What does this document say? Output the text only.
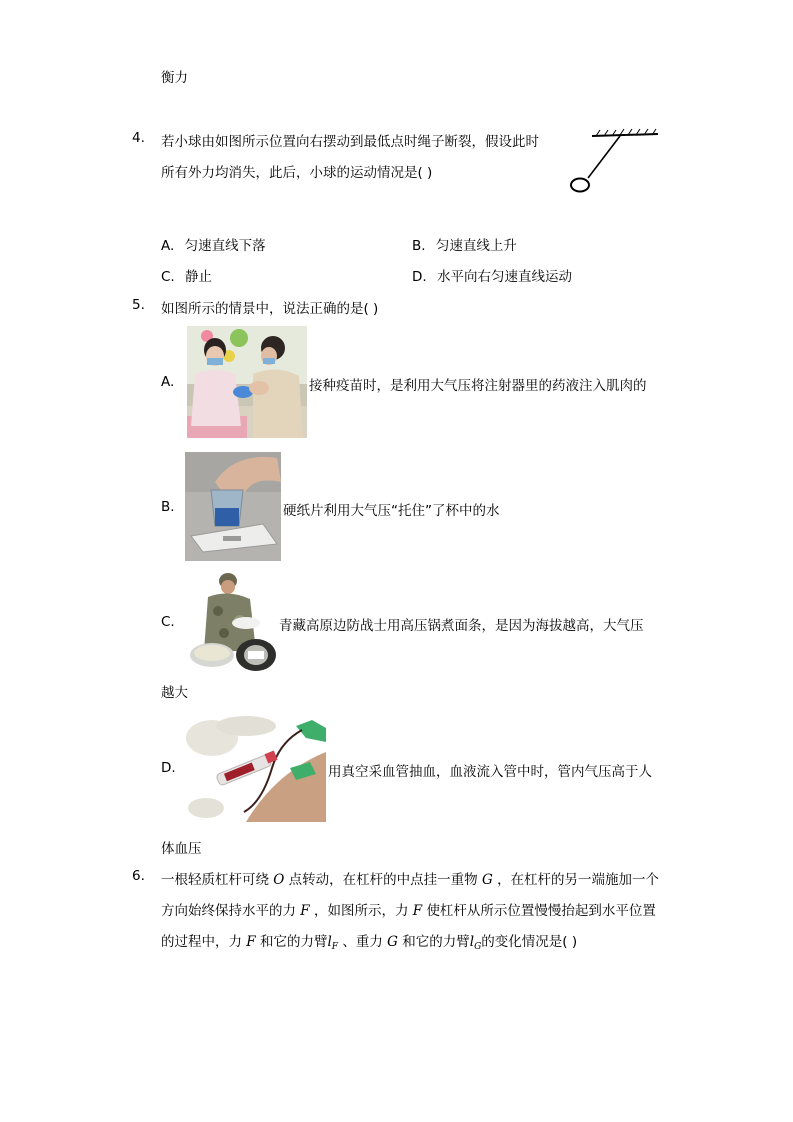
衡力
4. 若小球由如图所示位置向右摆动到最低点时绳子断裂，假设此时
所有外力均消失，此后，小球的运动情况是( )
A. 匀速直线下落	B. 匀速直线上升
C. 静止	D. 水平向右匀速直线运动
5. 如图所示的情景中，说法正确的是( )
A.	接种疫苗时，是利用大气压将注射器里的药液注入肌肉的
B.	硬纸片利用大气压“托住”了杯中的水
C.	青藏高原边防战士用高压锅煮面条，是因为海拔越高，大气压
越大
D.	用真空采血管抽血，血液流入管中时，管内气压高于人
体血压
6. 一根轻质杠杆可绕 O 点转动，在杠杆的中点挂一重物 G ，在杠杆的另一端施加一个
方向始终保持水平的力 F ，如图所示，力 F 使杠杆从所示位置慢慢抬起到水平位置
的过程中，力 F 和它的力臂$l_F$ 、重力 G 和它的力臂$l_G$的变化情况是( )
